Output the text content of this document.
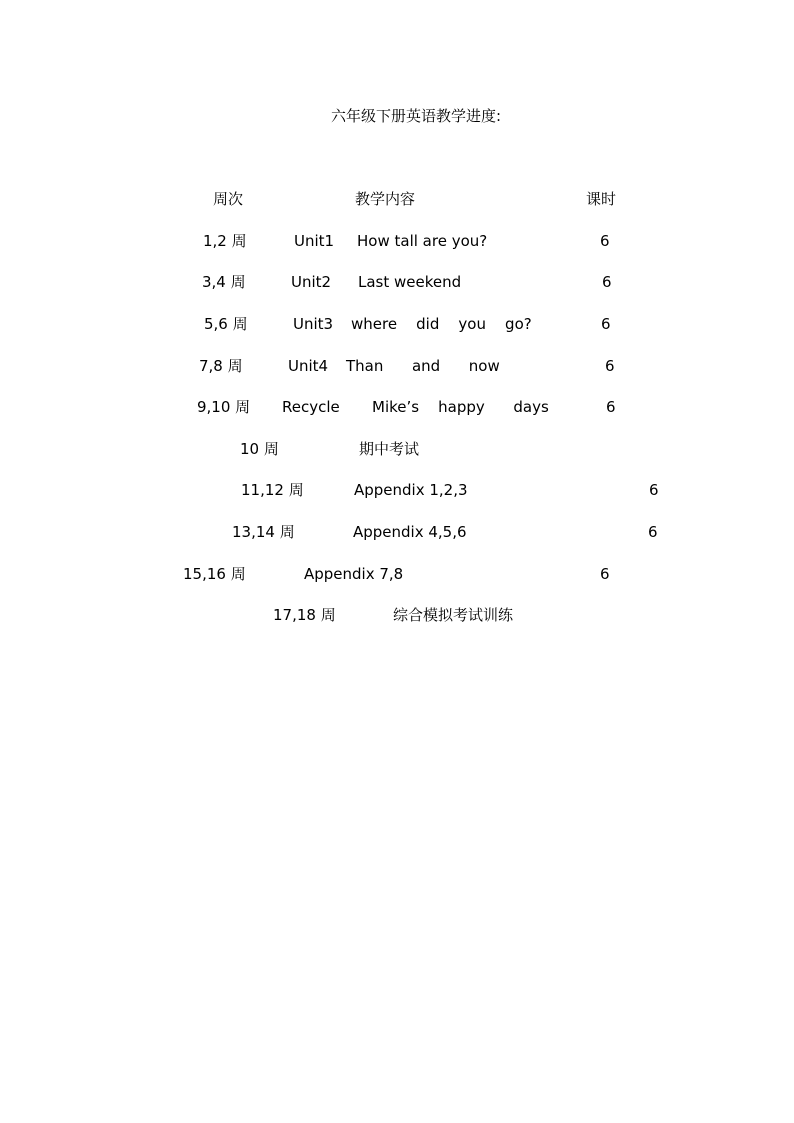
六年级下册英语教学进度:
周次	教学内容	课时
1,2 周	Unit1 How tall are you?	6
3,4 周	Unit2 Last weekend	6
5,6 周	Unit3 where    did    you    go?	6
7,8 周	Unit4 Than      and      now	6
9,10 周 Recycle Mike’s    happy      days	6
10 周	期中考试
11,12 周	Appendix 1,2,3	6
13,14 周	Appendix 4,5,6	6
15,16 周	Appendix 7,8	6
17,18 周	综合模拟考试训练
